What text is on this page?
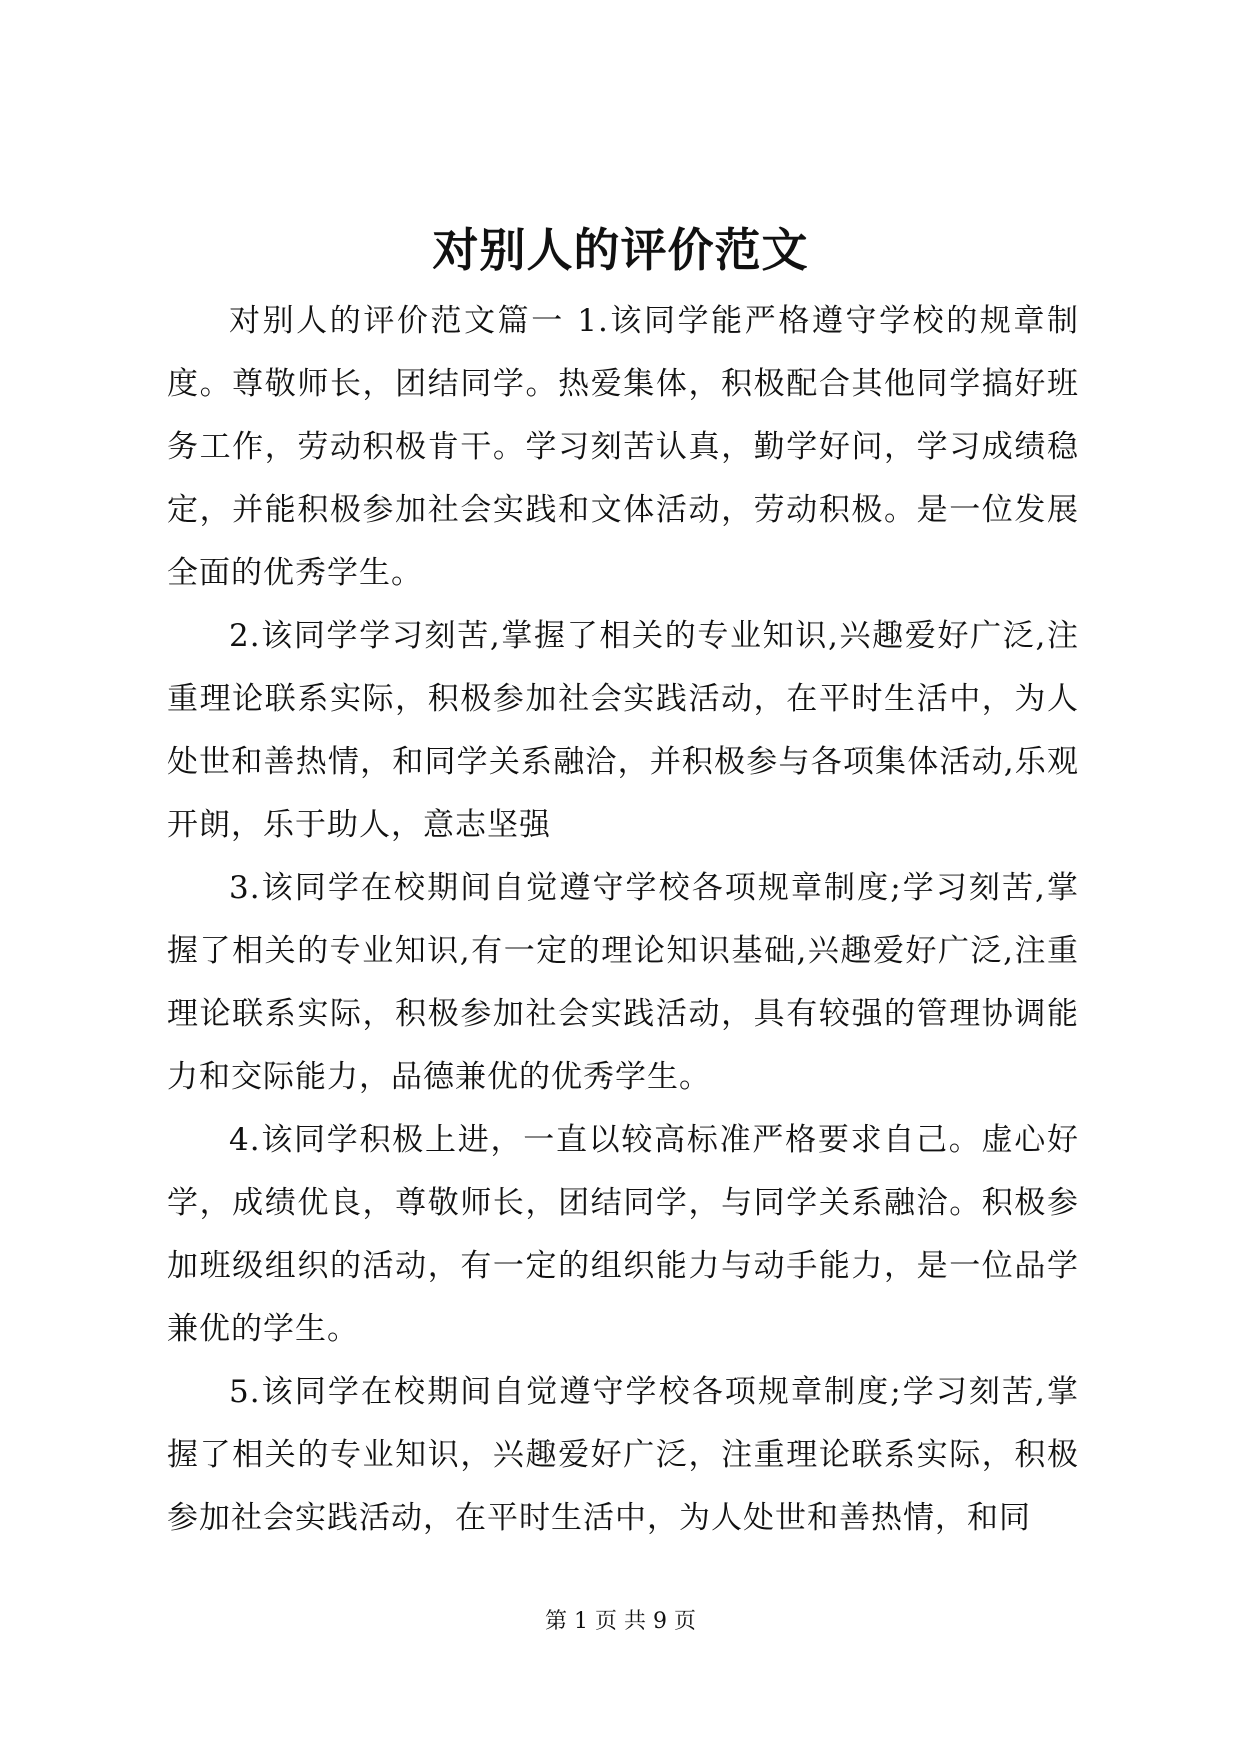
对别人的评价范文

对别人的评价范文篇一 1.该同学能严格遵守学校的规章制度。尊敬师长，团结同学。热爱集体，积极配合其他同学搞好班务工作，劳动积极肯干。学习刻苦认真，勤学好问，学习成绩稳定，并能积极参加社会实践和文体活动，劳动积极。是一位发展全面的优秀学生。

2.该同学学习刻苦,掌握了相关的专业知识,兴趣爱好广泛,注重理论联系实际，积极参加社会实践活动，在平时生活中，为人处世和善热情，和同学关系融洽，并积极参与各项集体活动,乐观开朗，乐于助人，意志坚强

3.该同学在校期间自觉遵守学校各项规章制度;学习刻苦,掌握了相关的专业知识,有一定的理论知识基础,兴趣爱好广泛,注重理论联系实际，积极参加社会实践活动，具有较强的管理协调能力和交际能力，品德兼优的优秀学生。

4.该同学积极上进，一直以较高标准严格要求自己。虚心好学，成绩优良，尊敬师长，团结同学，与同学关系融洽。积极参加班级组织的活动，有一定的组织能力与动手能力，是一位品学兼优的学生。

5.该同学在校期间自觉遵守学校各项规章制度;学习刻苦,掌握了相关的专业知识，兴趣爱好广泛，注重理论联系实际，积极参加社会实践活动，在平时生活中，为人处世和善热情，和同

第 1 页 共 9 页
